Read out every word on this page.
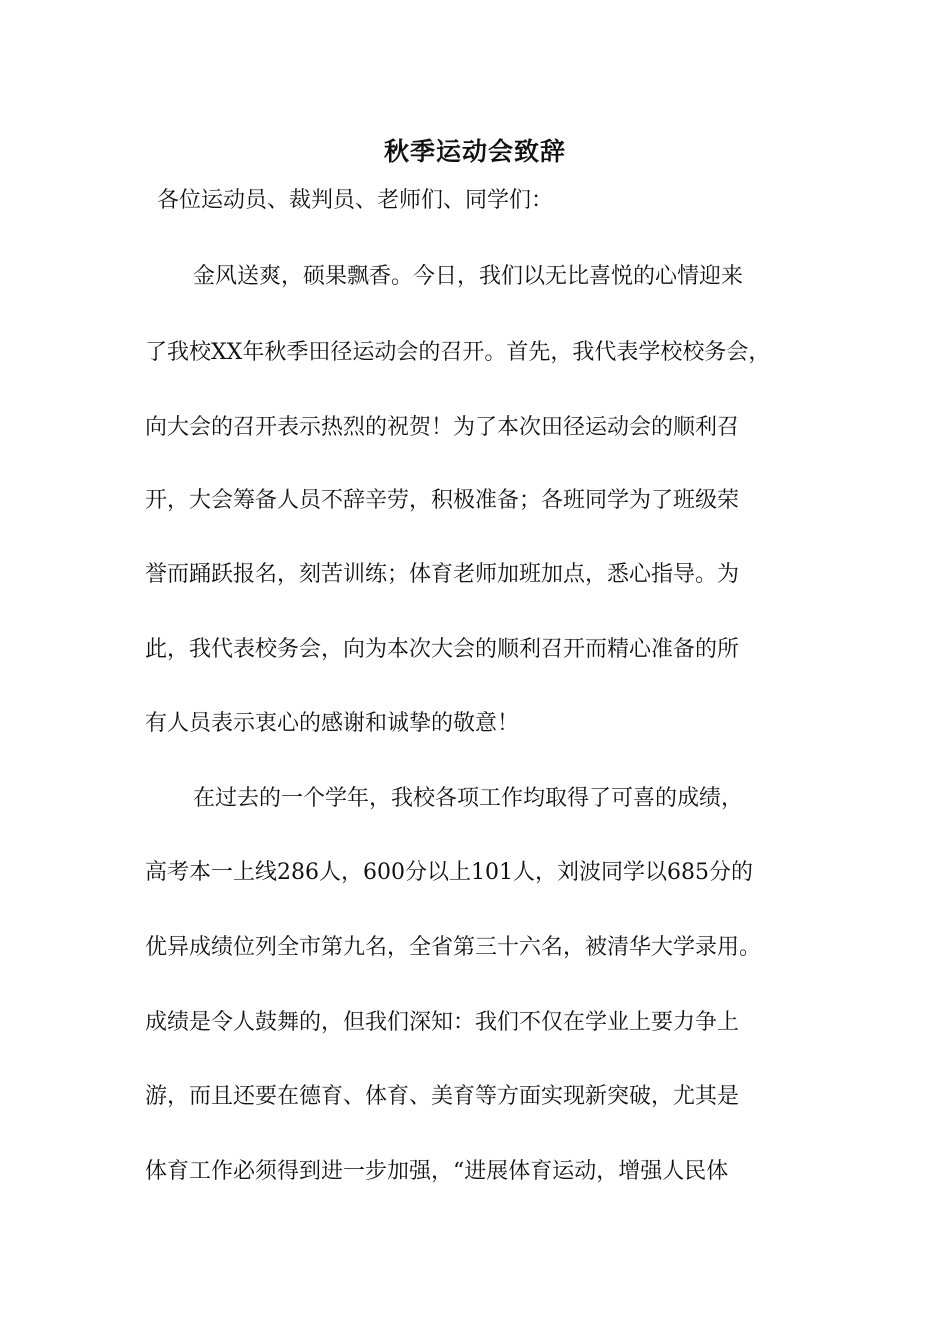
秋季运动会致辞
各位运动员、裁判员、老师们、同学们：
金风送爽，硕果飘香。今日，我们以无比喜悦的心情迎来
了我校XX年秋季田径运动会的召开。首先，我代表学校校务会，
向大会的召开表示热烈的祝贺！为了本次田径运动会的顺利召
开，大会筹备人员不辞辛劳，积极准备；各班同学为了班级荣
誉而踊跃报名，刻苦训练；体育老师加班加点，悉心指导。为
此，我代表校务会，向为本次大会的顺利召开而精心准备的所
有人员表示衷心的感谢和诚挚的敬意！
在过去的一个学年，我校各项工作均取得了可喜的成绩，
高考本一上线286人，600分以上101人，刘波同学以685分的
优异成绩位列全市第九名，全省第三十六名，被清华大学录用。
成绩是令人鼓舞的，但我们深知：我们不仅在学业上要力争上
游，而且还要在德育、体育、美育等方面实现新突破，尤其是
体育工作必须得到进一步加强，“进展体育运动，增强人民体
